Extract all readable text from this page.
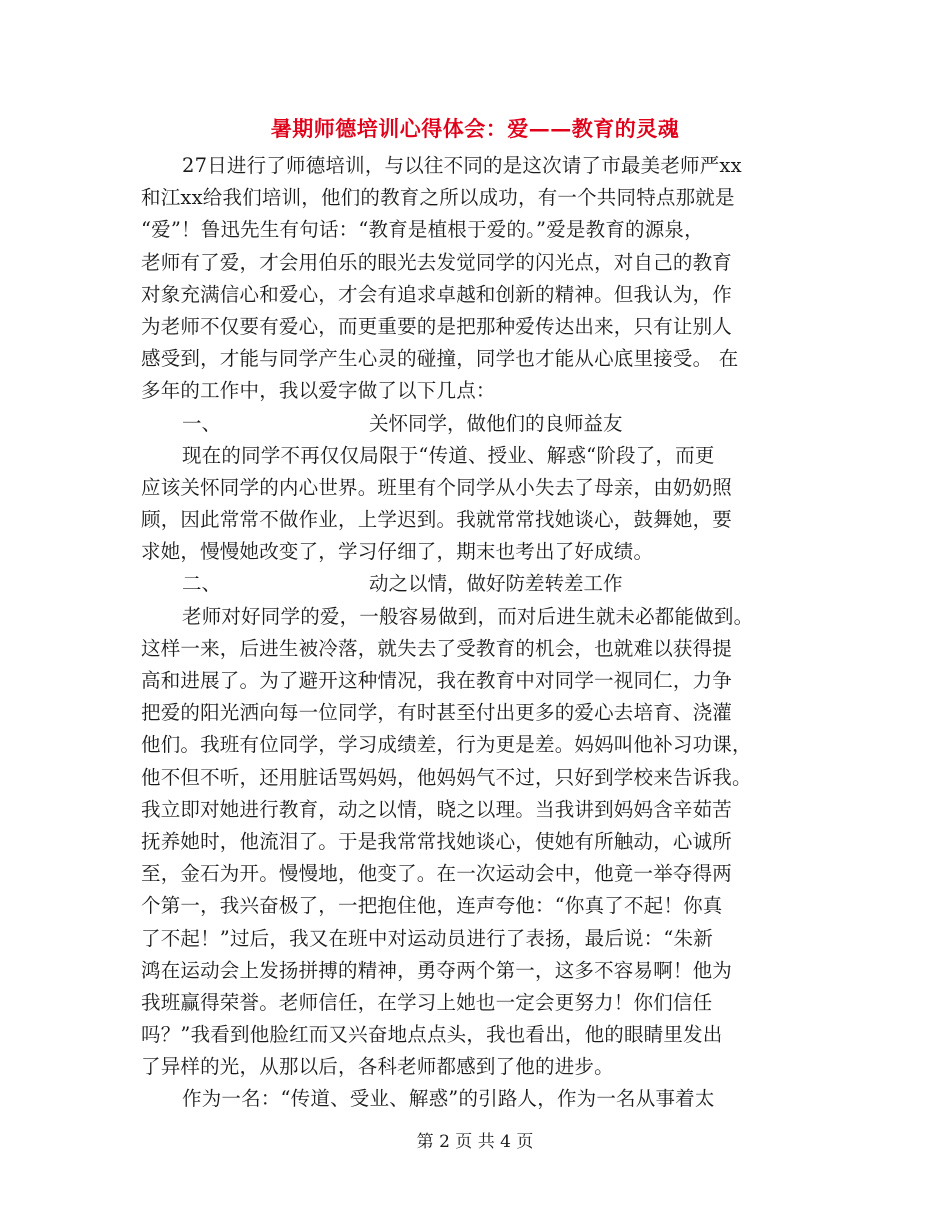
暑期师德培训心得体会：爱——教育的灵魂
27日进行了师德培训，与以往不同的是这次请了市最美老师严xx
和江xx给我们培训，他们的教育之所以成功，有一个共同特点那就是
“爱”！鲁迅先生有句话：“教育是植根于爱的。”爱是教育的源泉，
老师有了爱，才会用伯乐的眼光去发觉同学的闪光点，对自己的教育
对象充满信心和爱心，才会有追求卓越和创新的精神。但我认为，作
为老师不仅要有爱心，而更重要的是把那种爱传达出来，只有让别人
感受到，才能与同学产生心灵的碰撞，同学也才能从心底里接受。 在
多年的工作中，我以爱字做了以下几点：
一、	关怀同学，做他们的良师益友
现在的同学不再仅仅局限于“传道、授业、解惑“阶段了，而更
应该关怀同学的内心世界。班里有个同学从小失去了母亲，由奶奶照
顾，因此常常不做作业，上学迟到。我就常常找她谈心，鼓舞她，要
求她，慢慢她改变了，学习仔细了，期末也考出了好成绩。
二、	动之以情，做好防差转差工作
老师对好同学的爱，一般容易做到，而对后进生就未必都能做到。
这样一来，后进生被冷落，就失去了受教育的机会，也就难以获得提
高和进展了。为了避开这种情况，我在教育中对同学一视同仁，力争
把爱的阳光洒向每一位同学，有时甚至付出更多的爱心去培育、浇灌
他们。我班有位同学，学习成绩差，行为更是差。妈妈叫他补习功课，
他不但不听，还用脏话骂妈妈，他妈妈气不过，只好到学校来告诉我。
我立即对她进行教育，动之以情，晓之以理。当我讲到妈妈含辛茹苦
抚养她时，他流泪了。于是我常常找她谈心，使她有所触动，心诚所
至，金石为开。慢慢地，他变了。在一次运动会中，他竟一举夺得两
个第一，我兴奋极了，一把抱住他，连声夸他：“你真了不起！你真
了不起！”过后，我又在班中对运动员进行了表扬，最后说：“朱新
鸿在运动会上发扬拼搏的精神，勇夺两个第一，这多不容易啊！他为
我班赢得荣誉。老师信任，在学习上她也一定会更努力！你们信任
吗？”我看到他脸红而又兴奋地点点头，我也看出，他的眼睛里发出
了异样的光，从那以后，各科老师都感到了他的进步。
作为一名：“传道、受业、解惑”的引路人，作为一名从事着太
第 2 页 共 4 页
